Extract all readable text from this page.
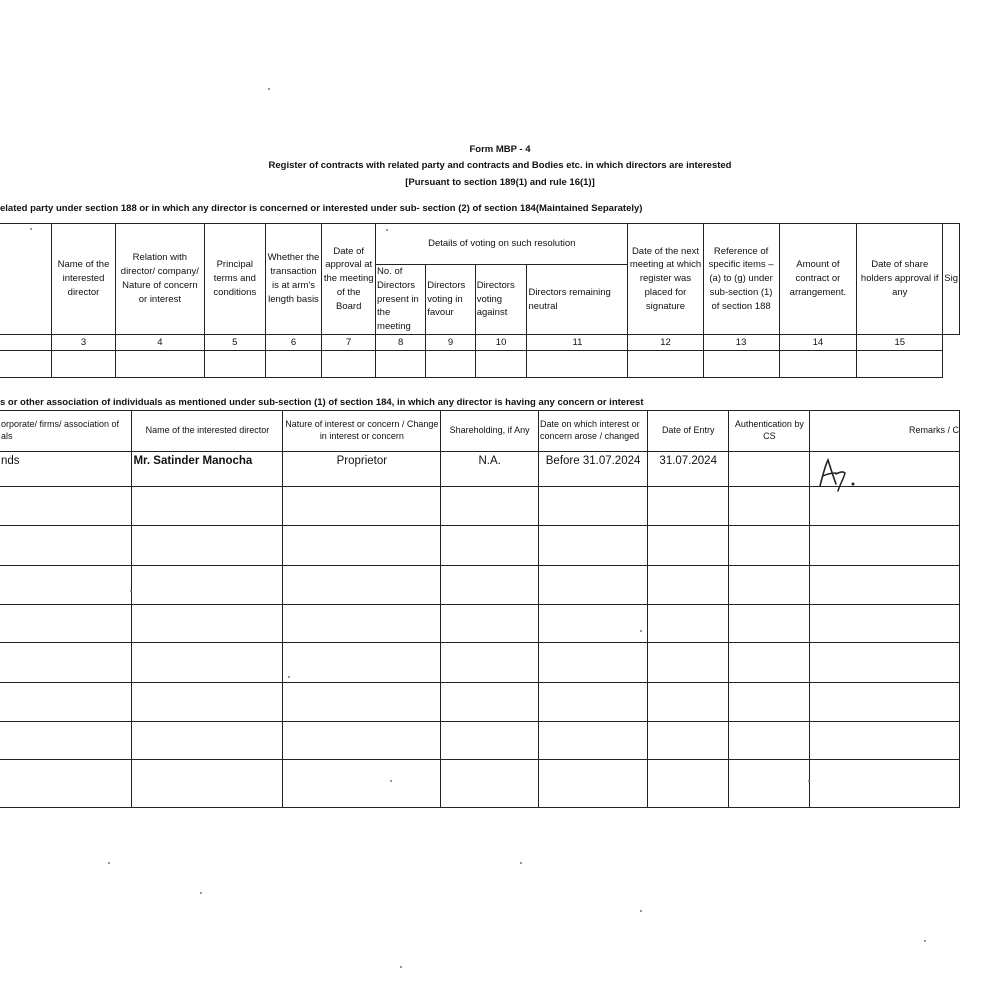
Form MBP - 4
Register of contracts with related party and contracts and Bodies etc. in which directors are interested
[Pursuant to section 189(1) and rule 16(1)]
elated party under section 188 or in which any director is concerned or interested under sub- section (2) of section 184(Maintained Separately)
	Name of the interested director	Relation with director/ company/ Nature of concern or interest	Principal terms and conditions	Whether the transaction is at arm's length basis	Date of approval at the meeting of the Board	Details of voting on such resolution				Date of the next meeting at which register was placed for signature	Reference of specific items – (a) to (g) under sub-section (1) of section 188	Amount of contract or arrangement.	Date of share holders approval if any	Sig
						No. of Directors present in the meeting	Directors voting in favour	Directors voting against	Directors remaining neutral					
	3	4	5	6	7	8	9	10	11	12	13	14	15	

s or other association of individuals as mentioned under sub-section (1) of section 184, in which any director is having any concern or interest
orporate/ firms/ association of als	Name of the interested director	Nature of interest or concern / Change in interest or concern	Shareholding, if Any	Date on which interest or concern arose / changed	Date of Entry	Authentication by CS	Remarks / C
nds	Mr. Satinder Manocha	Proprietor	N.A.	Before 31.07.2024	31.07.2024		
